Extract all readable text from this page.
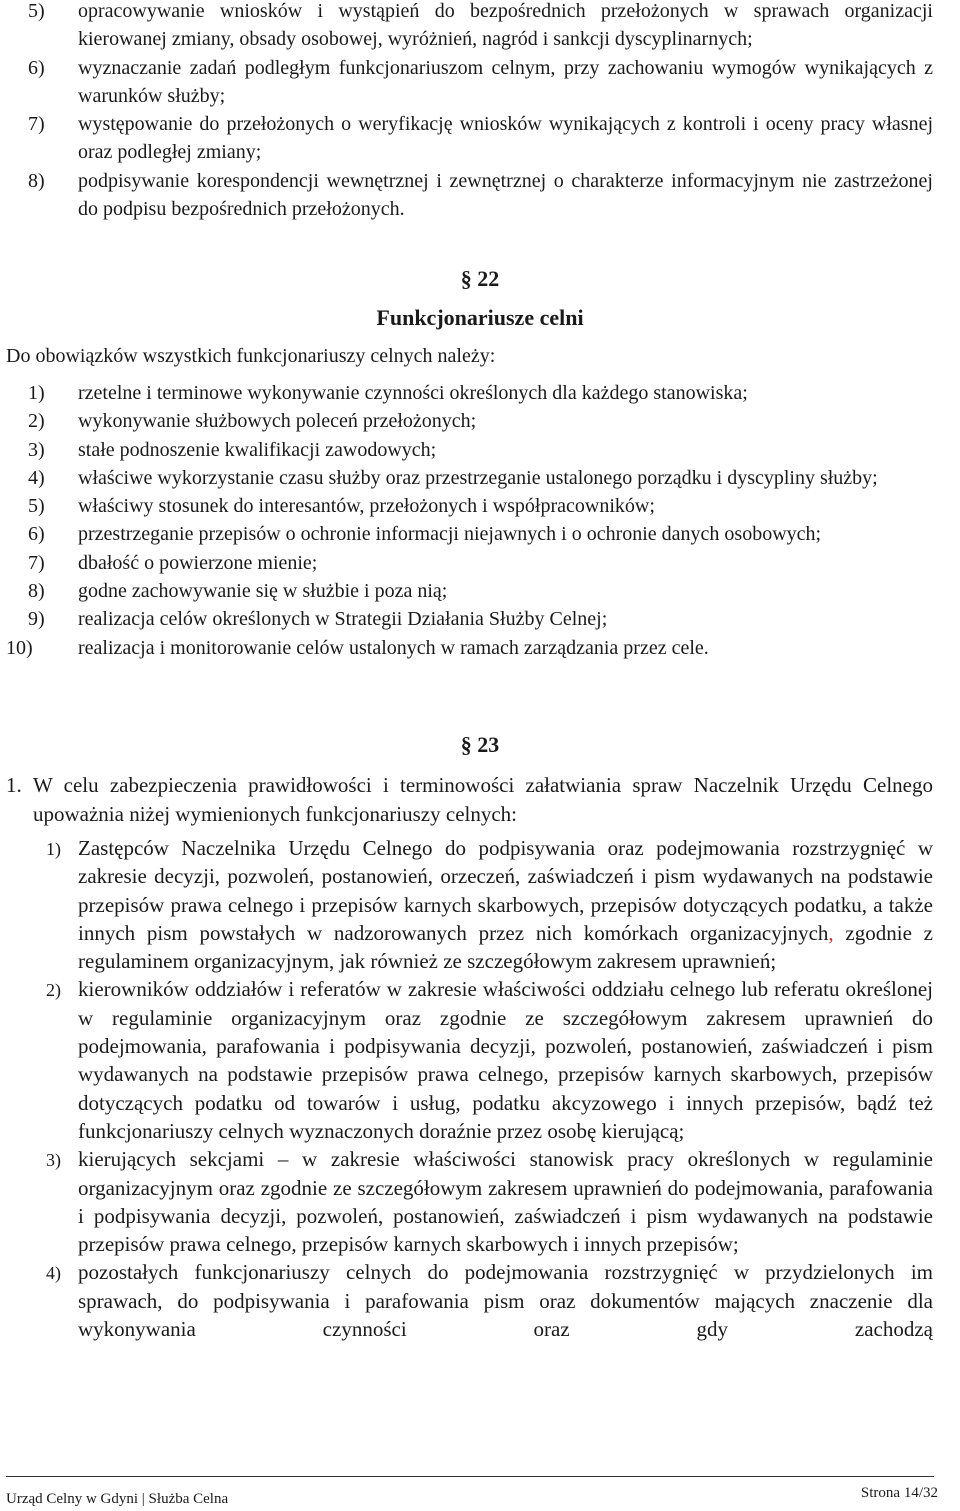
5)	opracowywanie wniosków i wystąpień do bezpośrednich przełożonych w sprawach organizacji kierowanej zmiany, obsady osobowej, wyróżnień, nagród i sankcji dyscyplinarnych;
6)	wyznaczanie zadań podległym funkcjonariuszom celnym, przy zachowaniu wymogów wynikających z warunków służby;
7)	występowanie do przełożonych o weryfikację wniosków wynikających z kontroli i oceny pracy własnej oraz podległej zmiany;
8)	podpisywanie korespondencji wewnętrznej i zewnętrznej o charakterze informacyjnym nie zastrzeżonej do podpisu bezpośrednich przełożonych.
§ 22
Funkcjonariusze celni
Do obowiązków wszystkich funkcjonariuszy celnych należy:
1)	rzetelne i terminowe wykonywanie czynności określonych dla każdego stanowiska;
2)	wykonywanie służbowych poleceń przełożonych;
3)	stałe podnoszenie kwalifikacji zawodowych;
4)	właściwe wykorzystanie czasu służby oraz przestrzeganie ustalonego porządku i dyscypliny służby;
5)	właściwy stosunek do interesantów, przełożonych i współpracowników;
6)	przestrzeganie przepisów o ochronie informacji niejawnych i o ochronie danych osobowych;
7)	dbałość o powierzone mienie;
8)	godne zachowywanie się w służbie i poza nią;
9)	realizacja celów określonych w Strategii Działania Służby Celnej;
10)	realizacja i monitorowanie celów ustalonych w ramach zarządzania przez cele.
§ 23
1. W celu zabezpieczenia prawidłowości i terminowości załatwiania spraw Naczelnik Urzędu Celnego upoważnia niżej wymienionych funkcjonariuszy celnych:
1) Zastępców Naczelnika Urzędu Celnego do podpisywania oraz podejmowania rozstrzygnięć w zakresie decyzji, pozwoleń, postanowień, orzeczeń, zaświadczeń i pism wydawanych na podstawie przepisów prawa celnego i przepisów karnych skarbowych, przepisów dotyczących podatku, a także innych pism powstałych w nadzorowanych przez nich komórkach organizacyjnych, zgodnie z regulaminem organizacyjnym, jak również ze szczegółowym zakresem uprawnień;
2) kierowników oddziałów i referatów w zakresie właściwości oddziału celnego lub referatu określonej w regulaminie organizacyjnym oraz zgodnie ze szczegółowym zakresem uprawnień do podejmowania, parafowania i podpisywania decyzji, pozwoleń, postanowień, zaświadczeń i pism wydawanych na podstawie przepisów prawa celnego, przepisów karnych skarbowych, przepisów dotyczących podatku od towarów i usług, podatku akcyzowego i innych przepisów, bądź też funkcjonariuszy celnych wyznaczonych doraźnie przez osobę kierującą;
3) kierujących sekcjami – w zakresie właściwości stanowisk pracy określonych w regulaminie organizacyjnym oraz zgodnie ze szczegółowym zakresem uprawnień do podejmowania, parafowania i podpisywania decyzji, pozwoleń, postanowień, zaświadczeń i pism wydawanych na podstawie przepisów prawa celnego, przepisów karnych skarbowych i innych przepisów;
4) pozostałych funkcjonariuszy celnych do podejmowania rozstrzygnięć w przydzielonych im sprawach, do podpisywania i parafowania pism oraz dokumentów mających znaczenie dla wykonywania czynności oraz gdy zachodzą
Urząd Celny w Gdyni | Służba Celna	Strona 14/32
